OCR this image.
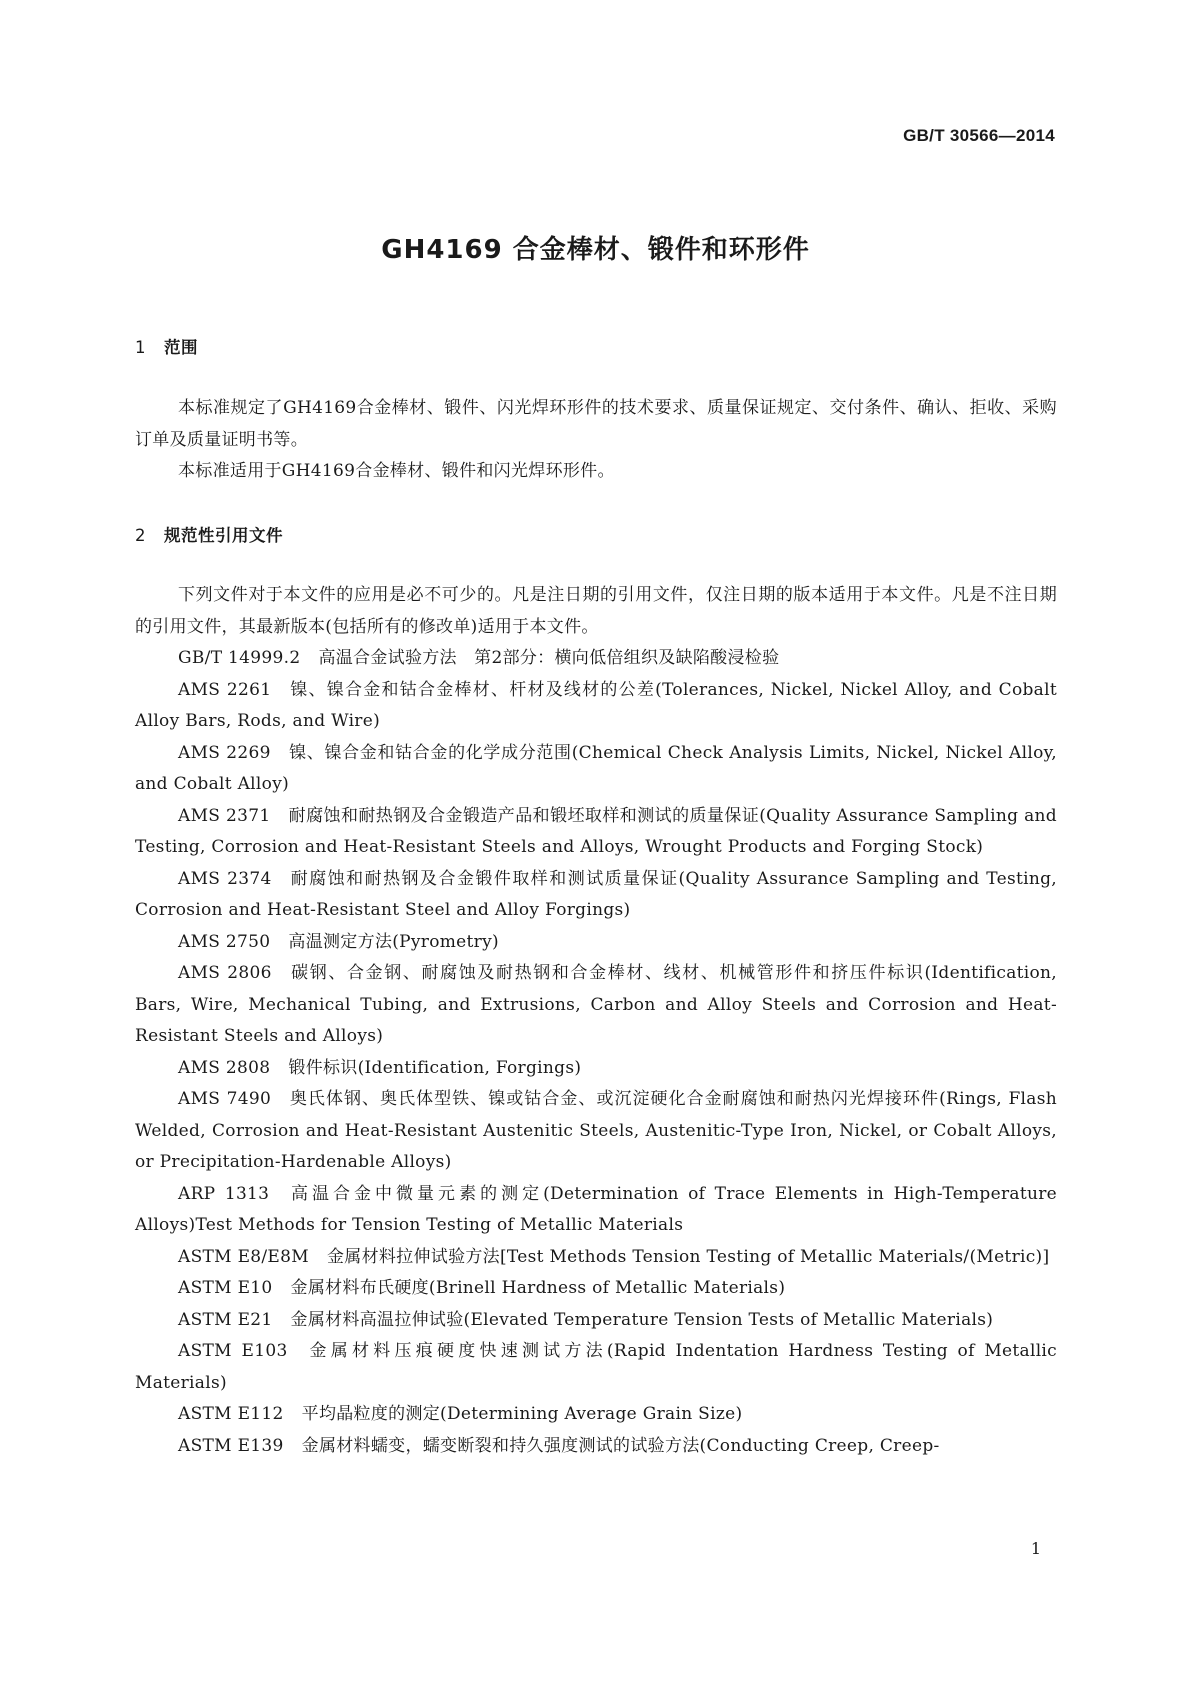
GB/T 30566—2014
GH4169 合金棒材、锻件和环形件
1 范围

本标准规定了GH4169合金棒材、锻件、闪光焊环形件的技术要求、质量保证规定、交付条件、确认、拒收、采购订单及质量证明书等。

本标准适用于GH4169合金棒材、锻件和闪光焊环形件。

2 规范性引用文件

下列文件对于本文件的应用是必不可少的。凡是注日期的引用文件，仅注日期的版本适用于本文件。凡是不注日期的引用文件，其最新版本(包括所有的修改单)适用于本文件。

GB/T 14999.2 高温合金试验方法　第2部分：横向低倍组织及缺陷酸浸检验

AMS 2261 镍、镍合金和钴合金棒材、杆材及线材的公差(Tolerances, Nickel, Nickel Alloy, and Cobalt Alloy Bars, Rods, and Wire)

AMS 2269 镍、镍合金和钴合金的化学成分范围(Chemical Check Analysis Limits, Nickel, Nickel Alloy, and Cobalt Alloy)

AMS 2371 耐腐蚀和耐热钢及合金锻造产品和锻坯取样和测试的质量保证(Quality Assurance Sampling and Testing, Corrosion and Heat-Resistant Steels and Alloys, Wrought Products and Forging Stock)

AMS 2374 耐腐蚀和耐热钢及合金锻件取样和测试质量保证(Quality Assurance Sampling and Testing, Corrosion and Heat-Resistant Steel and Alloy Forgings)

AMS 2750 高温测定方法(Pyrometry)

AMS 2806 碳钢、合金钢、耐腐蚀及耐热钢和合金棒材、线材、机械管形件和挤压件标识(Identification, Bars, Wire, Mechanical Tubing, and Extrusions, Carbon and Alloy Steels and Corrosion and Heat-Resistant Steels and Alloys)

AMS 2808 锻件标识(Identification, Forgings)

AMS 7490 奥氏体钢、奥氏体型铁、镍或钴合金、或沉淀硬化合金耐腐蚀和耐热闪光焊接环件(Rings, Flash Welded, Corrosion and Heat-Resistant Austenitic Steels, Austenitic-Type Iron, Nickel, or Cobalt Alloys, or Precipitation-Hardenable Alloys)

ARP 1313 高温合金中微量元素的测定(Determination of Trace Elements in High-Temperature Alloys)Test Methods for Tension Testing of Metallic Materials

ASTM E8/E8M 金属材料拉伸试验方法[Test Methods Tension Testing of Metallic Materials/(Metric)]

ASTM E10 金属材料布氏硬度(Brinell Hardness of Metallic Materials)

ASTM E21 金属材料高温拉伸试验(Elevated Temperature Tension Tests of Metallic Materials)

ASTM E103 金属材料压痕硬度快速测试方法(Rapid Indentation Hardness Testing of Metallic Materials)

ASTM E112 平均晶粒度的测定(Determining Average Grain Size)

ASTM E139 金属材料蠕变，蠕变断裂和持久强度测试的试验方法(Conducting Creep, Creep-

1
